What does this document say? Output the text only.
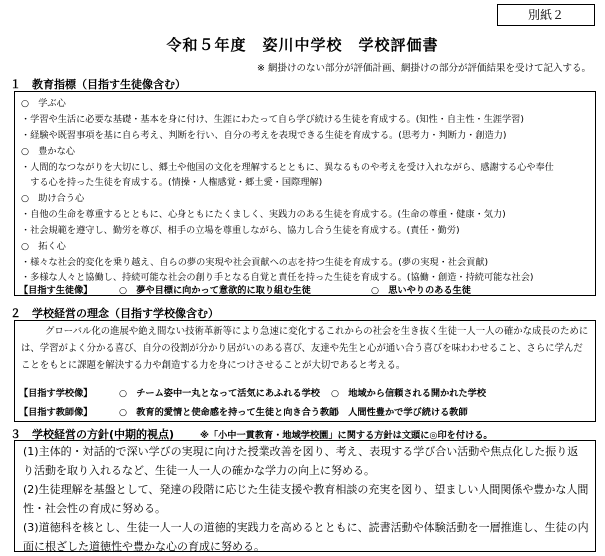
別紙２
令和５年度　姿川中学校　学校評価書
※ 網掛けのない部分が評価計画、網掛けの部分が評価結果を受けて記入する。
１　教育指標（目指す生徒像含む）
○　学ぶ心
・学習や生活に必要な基礎・基本を身に付け、生涯にわたって自ら学び続ける生徒を育成する。(知性・自主性・生涯学習)
・経験や既習事項を基に自ら考え、判断を行い、自分の考えを表現できる生徒を育成する。(思考力・判断力・創造力)
○　豊かな心
・人間的なつながりを大切にし、郷土や他国の文化を理解するとともに、異なるものや考えを受け入れながら、感謝する心や奉仕
　する心を持った生徒を育成する。(情操・人権感覚・郷土愛・国際理解)
○　助け合う心
・自他の生命を尊重するとともに、心身ともにたくましく、実践力のある生徒を育成する。(生命の尊重・健康・気力)
・社会規範を遵守し、勤労を尊び、相手の立場を尊重しながら、協力し合う生徒を育成する。(責任・勤労)
○　拓く心
・様々な社会的変化を乗り越え、自らの夢の実現や社会貢献への志を持つ生徒を育成する。(夢の実現・社会貢献)
・多様な人々と協働し、持続可能な社会の創り手となる自覚と責任を持った生徒を育成する。(協働・創造・持続可能な社会)
【目指す生徒像】	○　夢や目標に向かって意欲的に取り組む生徒	○　思いやりのある生徒
２　学校経営の理念（目指す学校像含む）
グローバル化の進展や絶え間ない技術革新等により急速に変化するこれからの社会を生き抜く生徒一人一人の確かな成長のためには、学習がよく分かる喜び、自分の役割が分かり居がいのある喜び、友達や先生と心が通い合う喜びを味わわせること、さらに学んだことをもとに課題を解決する力や創造する力を身につけさせることが大切であると考える。
【目指す学校像】	○　チーム姿中一丸となって活気にあふれる学校 ○　地域から信頼される開かれた学校
【目指す教師像】	○　教育的愛情と使命感を持って生徒と向き合う教師
○　人間性豊かで学び続ける教師
３　学校経営の方針(中期的視点)	※「小中一貫教育・地域学校園」に関する方針は文頭に◎印を付ける。
(1)主体的・対話的で深い学びの実現に向けた授業改善を図り、考え、表現する学び合い活動や焦点化した振り返り活動を取り入れるなど、生徒一人一人の確かな学力の向上に努める。
(2)生徒理解を基盤として、発達の段階に応じた生徒支援や教育相談の充実を図り、望ましい人間関係や豊かな人間性・社会性の育成に努める。
(3)道徳科を核とし、生徒一人一人の道徳的実践力を高めるとともに、読書活動や体験活動を一層推進し、生徒の内面に根ざした道徳性や豊かな心の育成に努める。
